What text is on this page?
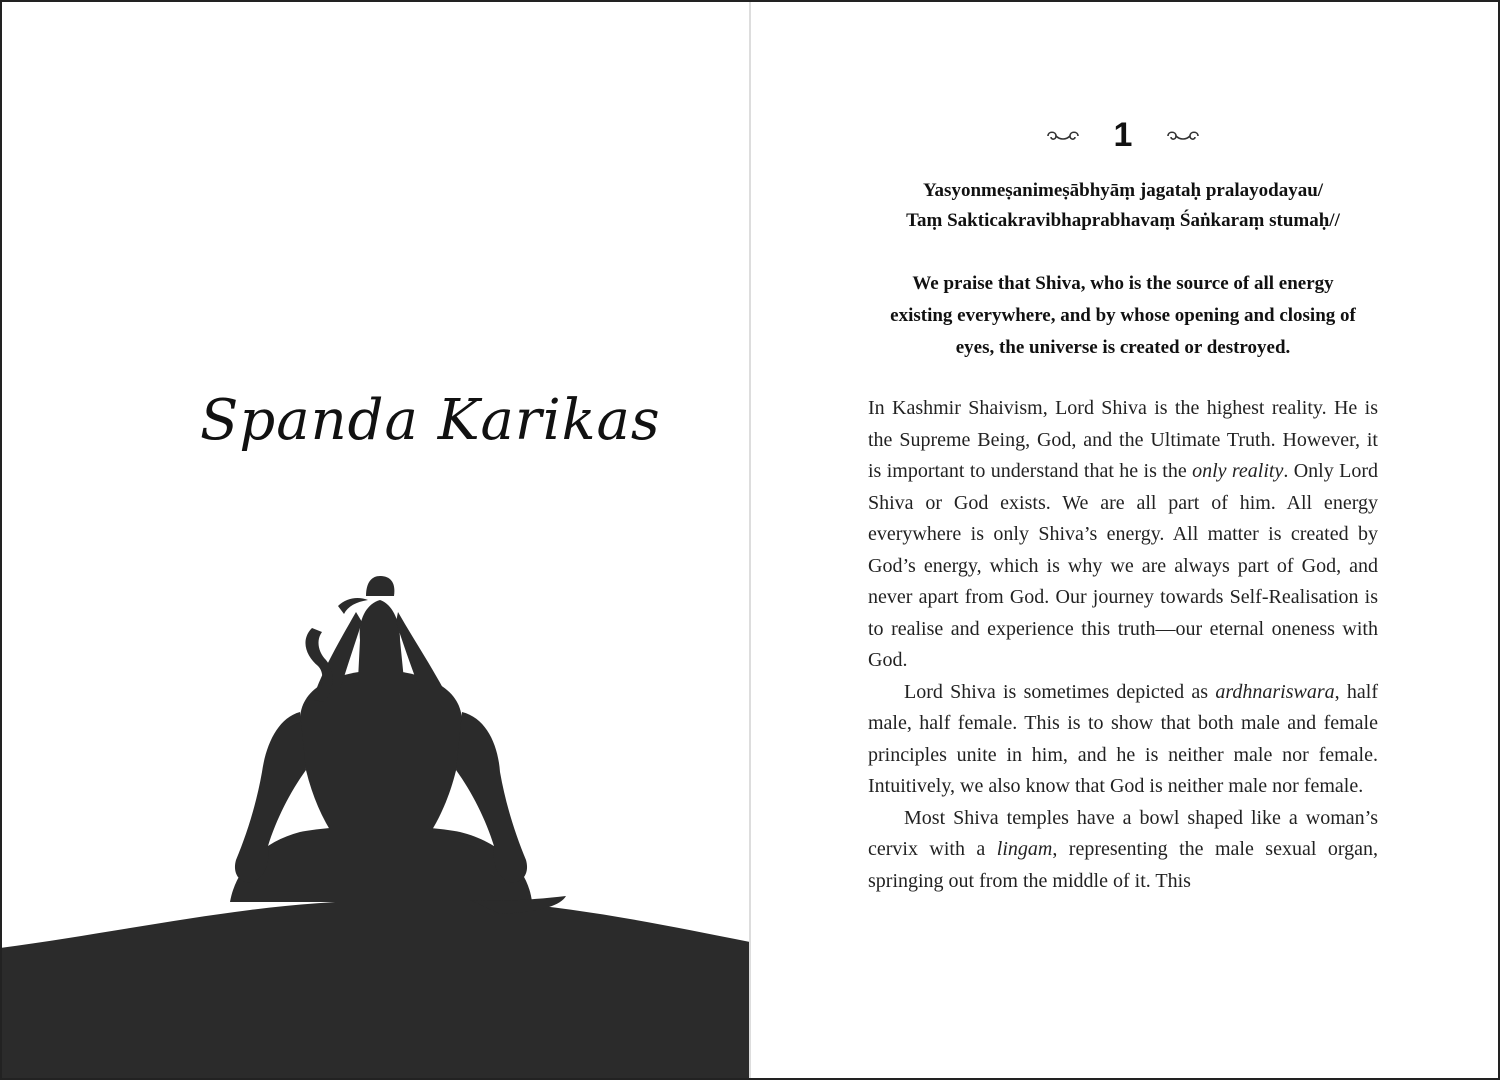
Spanda Karikas
1
Yasyonmeṣanimeṣābhyāṃ jagataḥ pralayodayau/
Taṃ Sakticakravibhaprabhavaṃ Śaṅkaraṃ stumaḥ//
We praise that Shiva, who is the source of all energy
existing everywhere, and by whose opening and closing of
eyes, the universe is created or destroyed.

In Kashmir Shaivism, Lord Shiva is the highest reality. He is the Supreme Being, God, and the Ultimate Truth. However, it is important to understand that he is the only reality. Only Lord Shiva or God exists. We are all part of him. All energy everywhere is only Shiva’s energy. All matter is created by God’s energy, which is why we are always part of God, and never apart from God. Our journey towards Self-Realisation is to realise and experience this truth—our eternal oneness with God.

Lord Shiva is sometimes depicted as ardhnariswara, half male, half female. This is to show that both male and female principles unite in him, and he is neither male nor female. Intuitively, we also know that God is neither male nor female.

Most Shiva temples have a bowl shaped like a woman’s cervix with a lingam, representing the male sexual organ, springing out from the middle of it. This
